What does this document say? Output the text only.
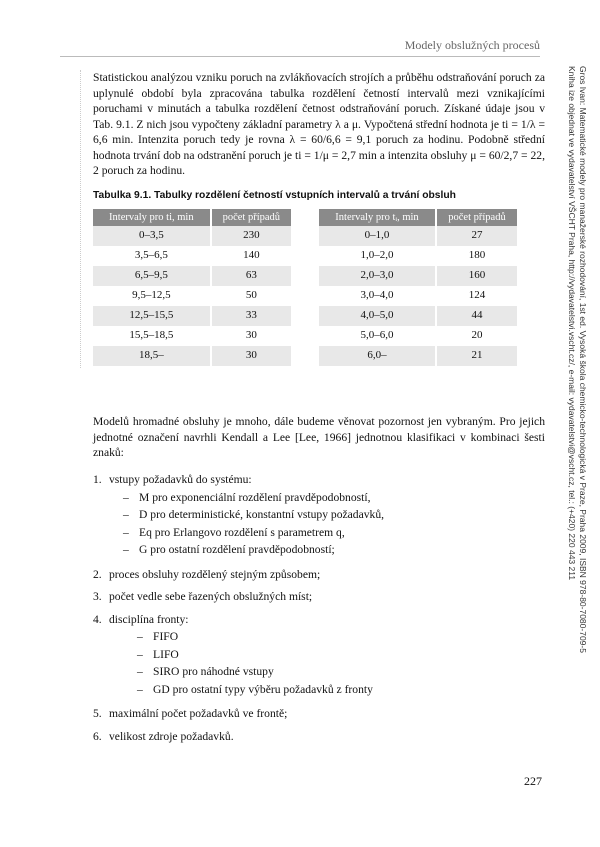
Modely obslužných procesů
Gros Ivan: Matematické modely pro manažerské rozhodování, 1st ed. Vysoká škola chemicko-technologická v Praze, Praha 2009, ISBN 978-80-7080-709-5
Kniha ize objednat ve vydavatelství VŠCHT Praha, http://vydavatelstvi.vscht.cz/, e-mail: vydavatelstvi@vscht.cz, tel.: (+420) 220 443 211

Statistickou analýzou vzniku poruch na zvlákňovacích strojích a průběhu odstraňování poruch za uplynulé období byla zpracována tabulka rozdělení četností intervalů mezi vznikajícími poruchami v minutách a tabulka rozdělení četnost odstraňování poruch. Získané údaje jsou v Tab. 9.1. Z nich jsou vypočteny základní parametry λ a μ. Vypočtená střední hodnota je ti = 1/λ = 6,6 min. Intenzita poruch tedy je rovna λ = 60/6,6 = 9,1 poruch za hodinu. Podobně střední hodnota trvání dob na odstranění poruch je ti = 1/μ = 2,7 min a intenzita obsluhy μ = 60/2,7 = 22, 2 poruch za hodinu.

Tabulka 9.1. Tabulky rozdělení četností vstupních intervalů a trvání obsluh
Intervaly pro ti, min	počet případů
0–3,5	230
3,5–6,5	140
6,5–9,5	63
9,5–12,5	50
12,5–15,5	33
15,5–18,5	30
18,5–	30
Intervaly pro tᵢ, min	počet případů
0–1,0	27
1,0–2,0	180
2,0–3,0	160
3,0–4,0	124
4,0–5,0	44
5,0–6,0	20
6,0–	21

Modelů hromadné obsluhy je mnoho, dále budeme věnovat pozornost jen vybraným. Pro jejich jednotné označení navrhli Kendall a Lee [Lee, 1966] jednotnou klasifikaci v kombinaci šesti znaků:

1. vstupy požadavků do systému:
– M pro exponenciální rozdělení pravděpodobností,
– D pro deterministické, konstantní vstupy požadavků,
– Eq pro Erlangovo rozdělení s parametrem q,
– G pro ostatní rozdělení pravděpodobností;
2. proces obsluhy rozdělený stejným způsobem;
3. počet vedle sebe řazených obslužných míst;
4. disciplína fronty:
– FIFO
– LIFO
– SIRO pro náhodné vstupy
– GD pro ostatní typy výběru požadavků z fronty
5. maximální počet požadavků ve frontě;
6. velikost zdroje požadavků.
227
